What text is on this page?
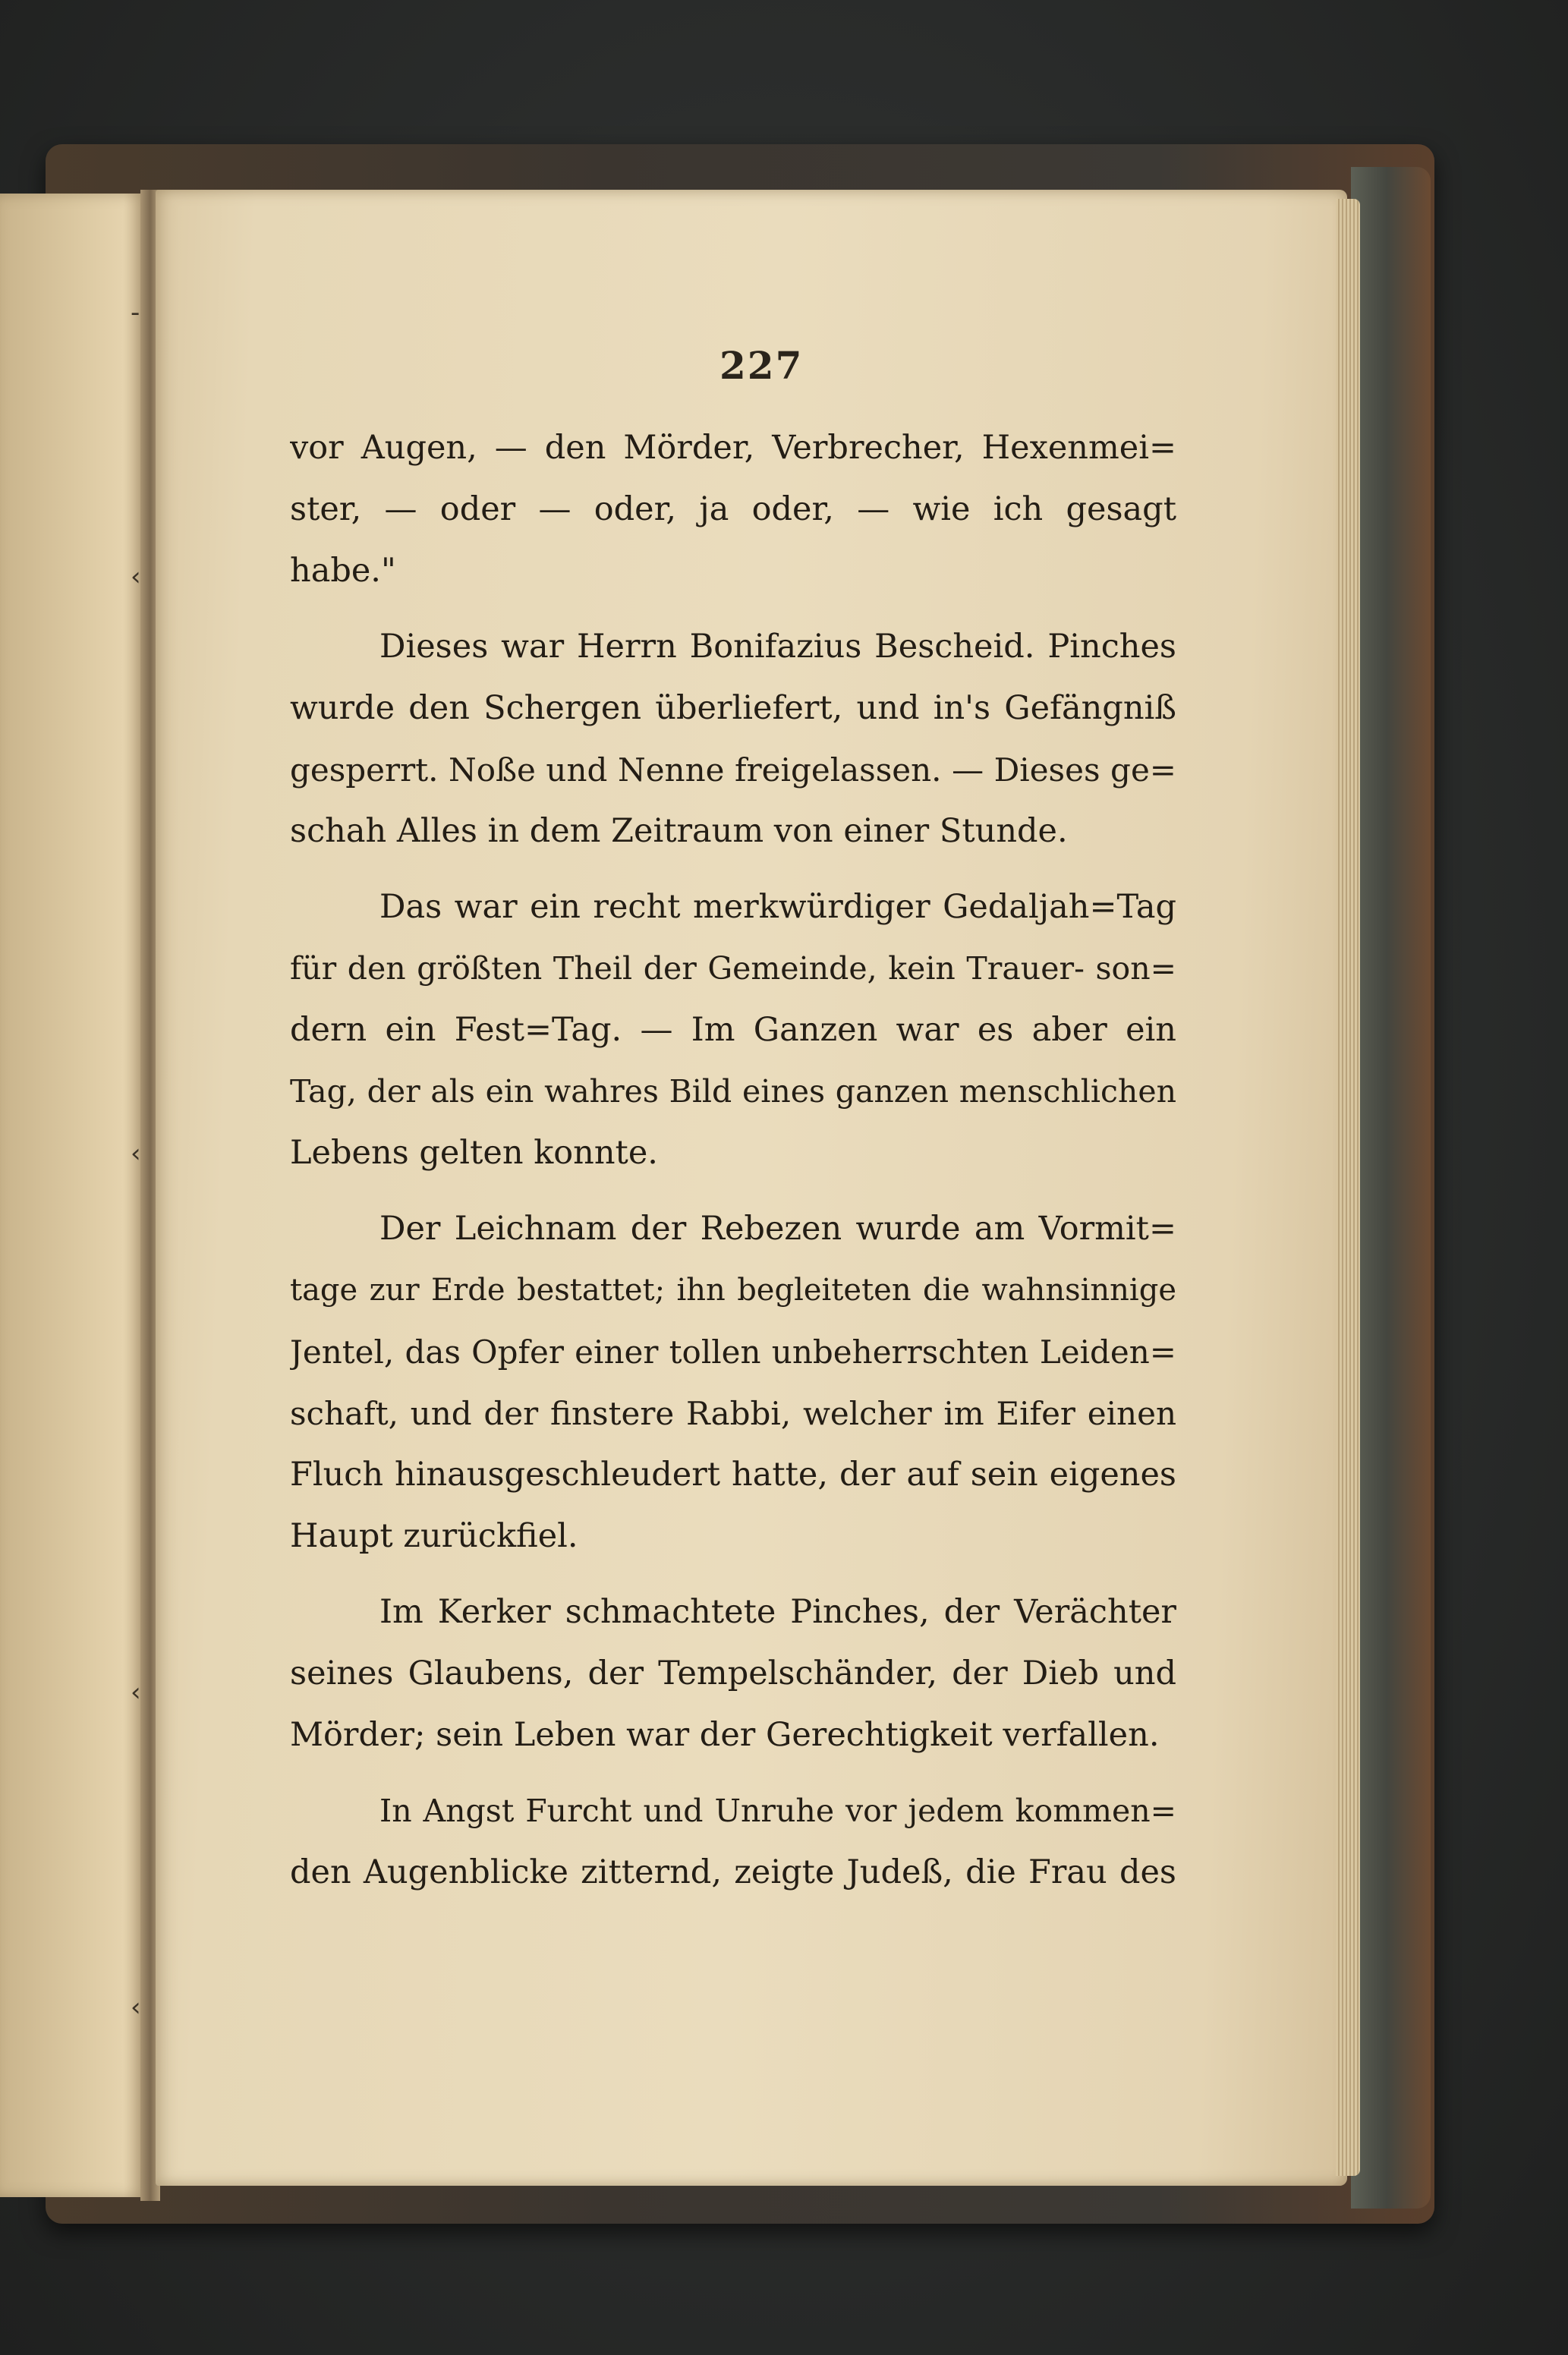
-
‹
‹
‹
‹
227
vor Augen, — den Mörder, Verbrecher, Hexenmei=
ster, — oder — oder, ja oder, — wie ich gesagt
habe."
Dieses war Herrn Bonifazius Bescheid. Pinches
wurde den Schergen überliefert, und in's Gefängniß
gesperrt. Noße und Nenne freigelassen. — Dieses ge=
schah Alles in dem Zeitraum von einer Stunde.
Das war ein recht merkwürdiger Gedaljah=Tag
für den größten Theil der Gemeinde, kein Trauer- son=
dern ein Fest=Tag. — Im Ganzen war es aber ein
Tag, der als ein wahres Bild eines ganzen menschlichen
Lebens gelten konnte.
Der Leichnam der Rebezen wurde am Vormit=
tage zur Erde bestattet; ihn begleiteten die wahnsinnige
Jentel, das Opfer einer tollen unbeherrschten Leiden=
schaft, und der finstere Rabbi, welcher im Eifer einen
Fluch hinausgeschleudert hatte, der auf sein eigenes
Haupt zurückfiel.
Im Kerker schmachtete Pinches, der Verächter
seines Glaubens, der Tempelschänder, der Dieb und
Mörder; sein Leben war der Gerechtigkeit verfallen.
In Angst Furcht und Unruhe vor jedem kommen=
den Augenblicke zitternd, zeigte Judeß, die Frau des
